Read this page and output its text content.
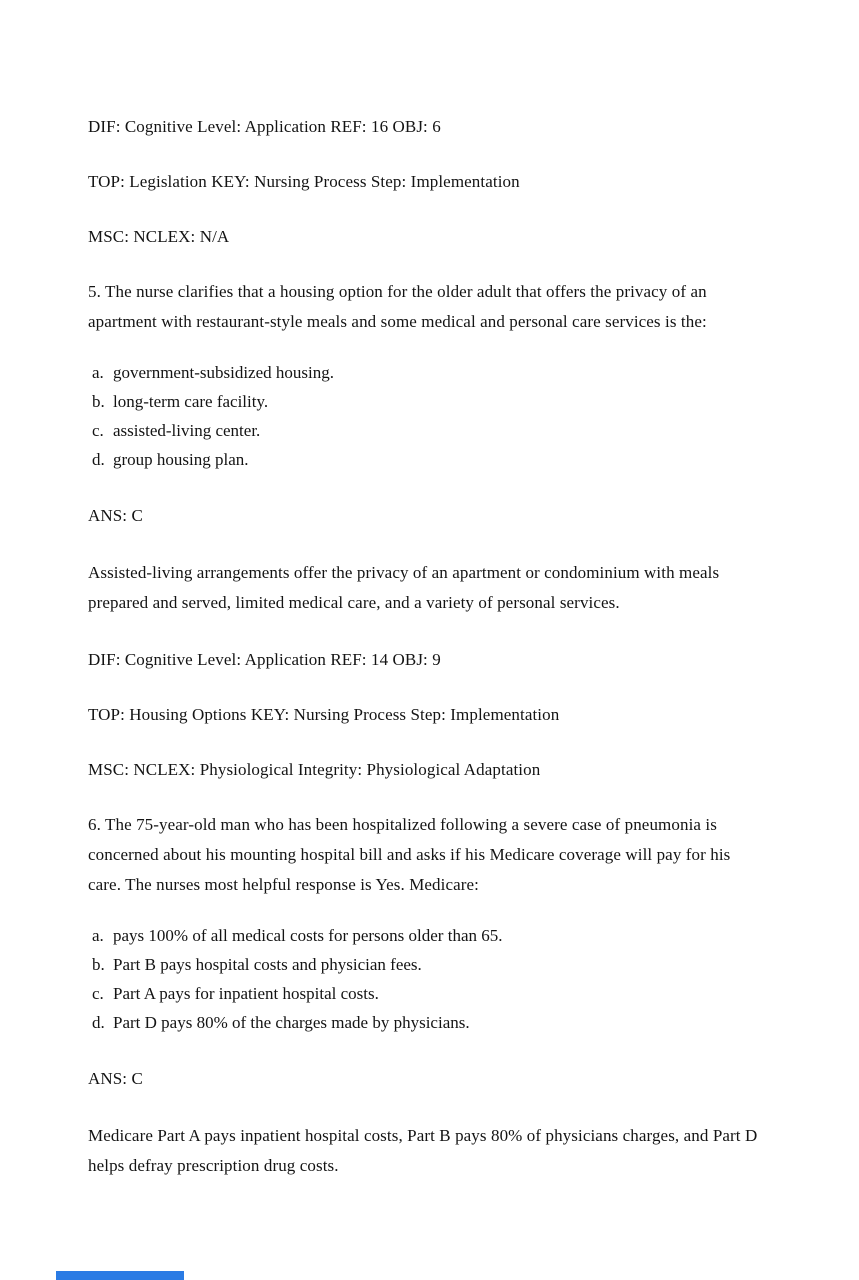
DIF: Cognitive Level: Application REF: 16 OBJ: 6
TOP: Legislation KEY: Nursing Process Step: Implementation
MSC: NCLEX: N/A
5. The nurse clarifies that a housing option for the older adult that offers the privacy of an
apartment with restaurant-style meals and some medical and personal care services is the:
a. government-subsidized housing.
b. long-term care facility.
c. assisted-living center.
d. group housing plan.
ANS: C
Assisted-living arrangements offer the privacy of an apartment or condominium with meals
prepared and served, limited medical care, and a variety of personal services.
DIF: Cognitive Level: Application REF: 14 OBJ: 9
TOP: Housing Options KEY: Nursing Process Step: Implementation
MSC: NCLEX: Physiological Integrity: Physiological Adaptation
6. The 75-year-old man who has been hospitalized following a severe case of pneumonia is
concerned about his mounting hospital bill and asks if his Medicare coverage will pay for his
care. The nurses most helpful response is Yes. Medicare:
a. pays 100% of all medical costs for persons older than 65.
b. Part B pays hospital costs and physician fees.
c. Part A pays for inpatient hospital costs.
d. Part D pays 80% of the charges made by physicians.
ANS: C
Medicare Part A pays inpatient hospital costs, Part B pays 80% of physicians charges, and Part D
helps defray prescription drug costs.
